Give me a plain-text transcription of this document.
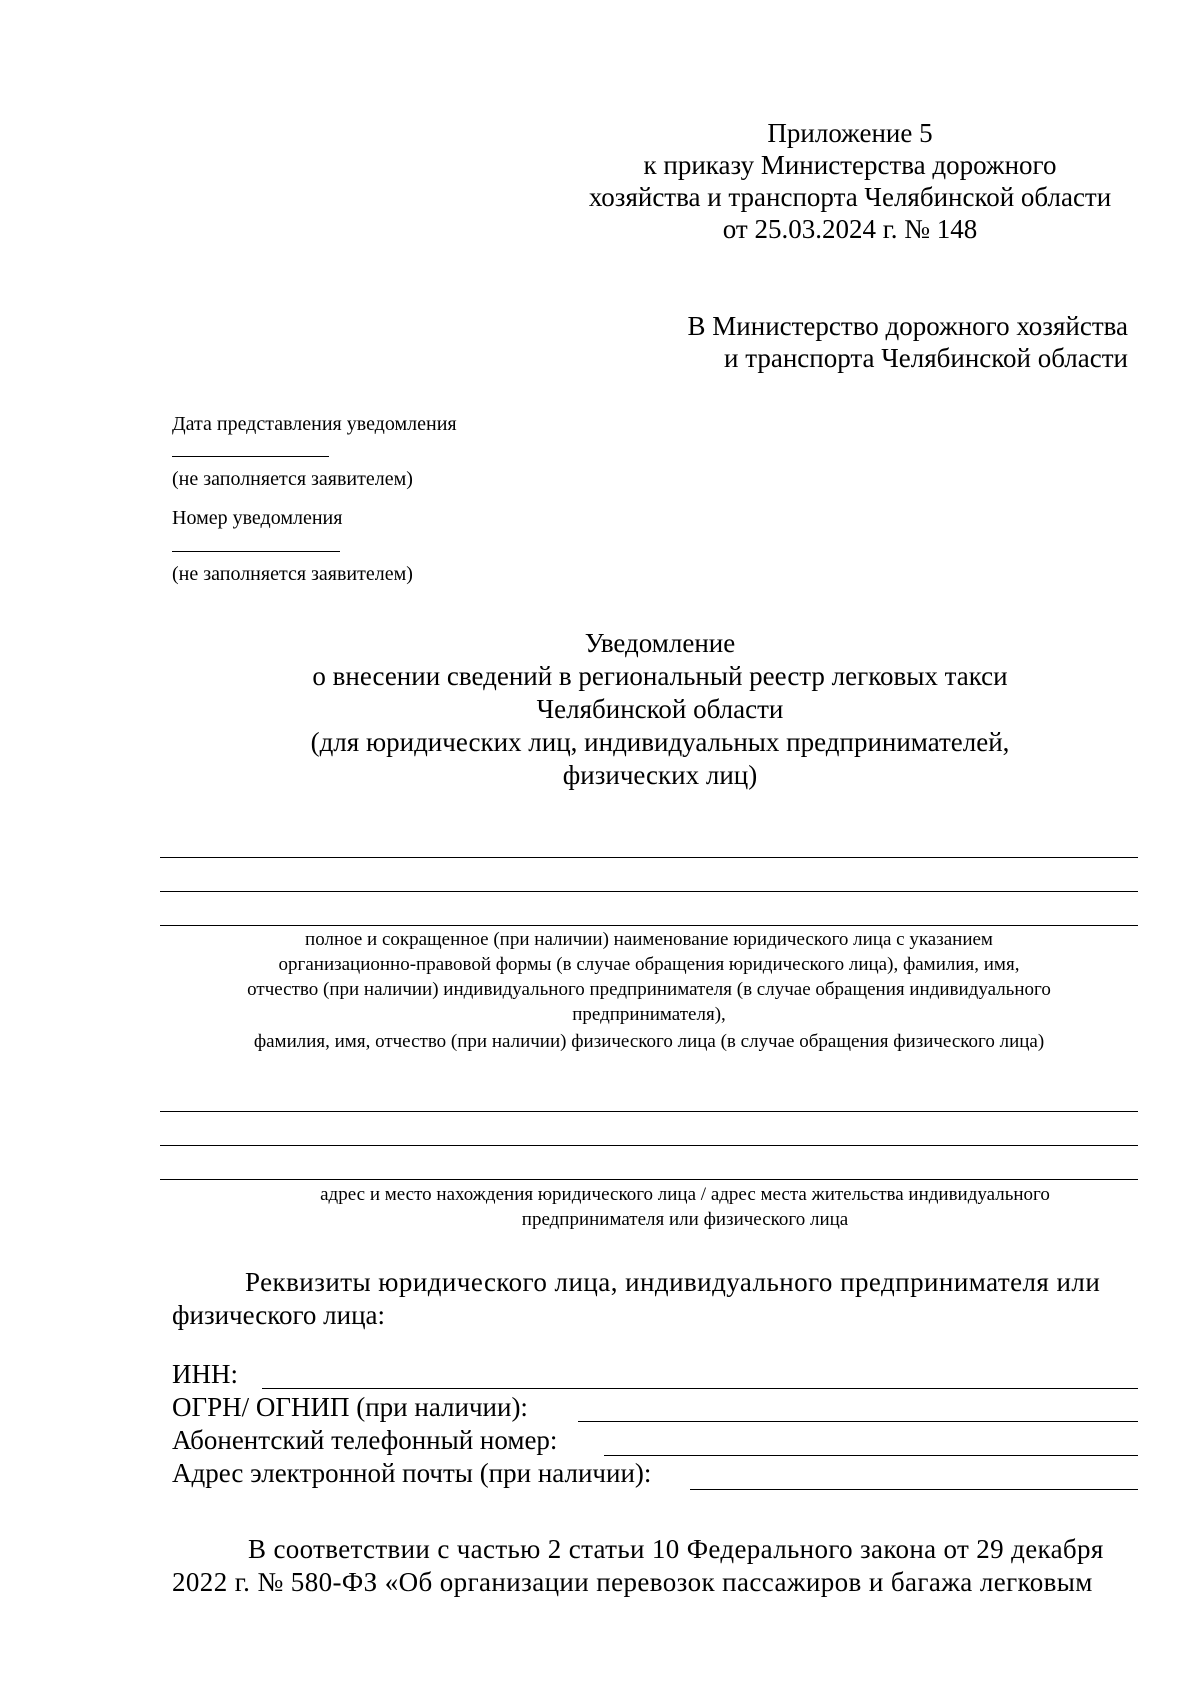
Приложение 5
к приказу Министерства дорожного
хозяйства и транспорта Челябинской области
от 25.03.2024 г. № 148
В Министерство дорожного хозяйства
и транспорта Челябинской области
Дата представления уведомления
(не заполняется заявителем)
Номер уведомления
(не заполняется заявителем)
Уведомление
о внесении сведений в региональный реестр легковых такси
Челябинской области
(для юридических лиц, индивидуальных предпринимателей,
физических лиц)
полное и сокращенное (при наличии) наименование юридического лица с указанием
организационно-правовой формы (в случае обращения юридического лица), фамилия, имя,
отчество (при наличии) индивидуального предпринимателя (в случае обращения индивидуального
предпринимателя),
фамилия, имя, отчество (при наличии) физического лица (в случае обращения физического лица)
адрес и место нахождения юридического лица / адрес места жительства индивидуального
предпринимателя или физического лица
Реквизиты юридического лица, индивидуального предпринимателя или
физического лица:
ИНН:
ОГРН/ ОГНИП (при наличии):
Абонентский телефонный номер:
Адрес электронной почты (при наличии):
В соответствии с частью 2 статьи 10 Федерального закона от 29 декабря
2022 г. № 580-ФЗ «Об организации перевозок пассажиров и багажа легковым
